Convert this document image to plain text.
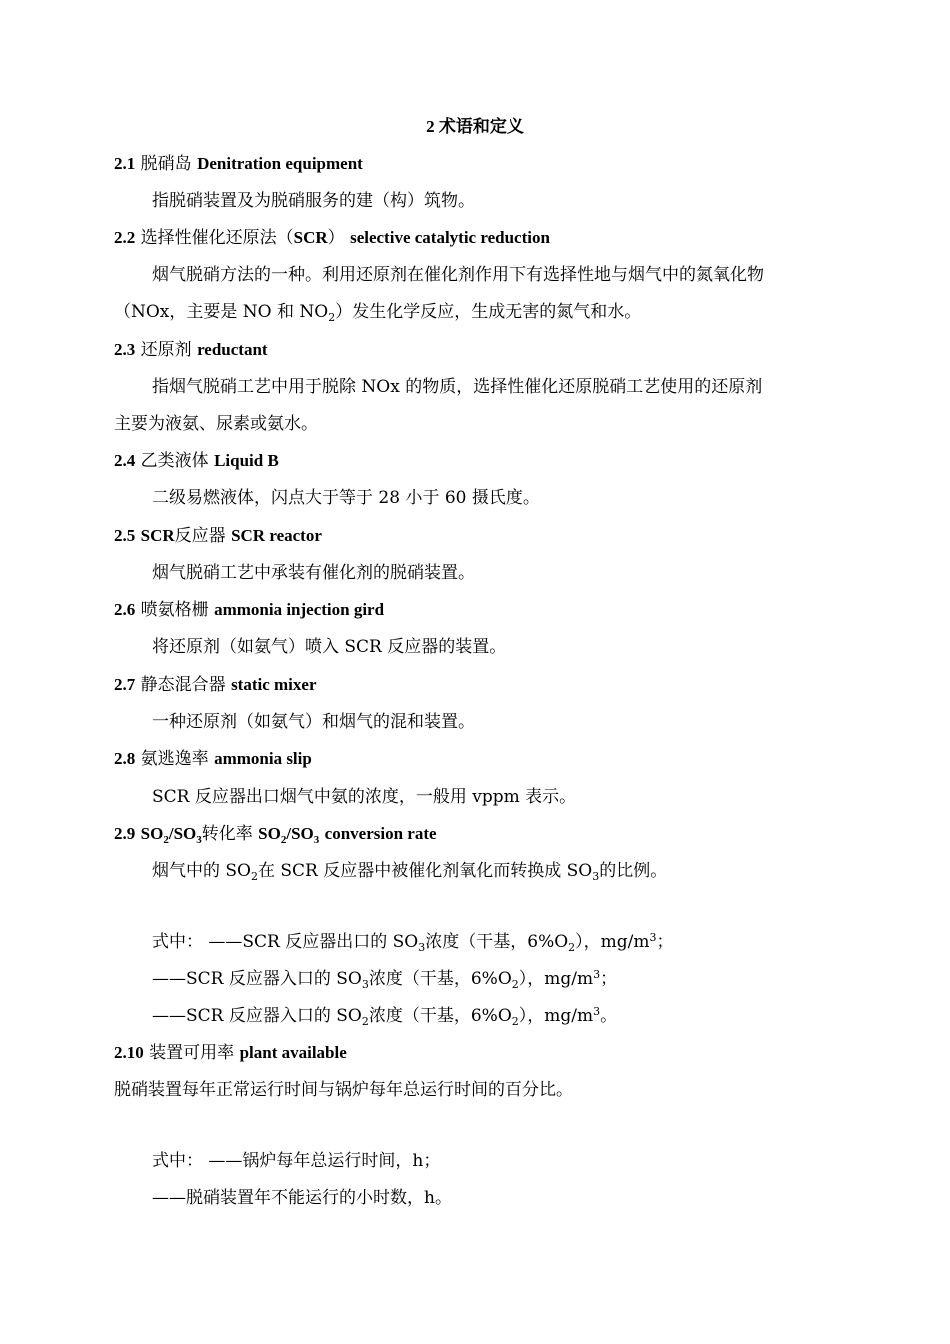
2 术语和定义
2.1 脱硝岛 Denitration equipment
指脱硝装置及为脱硝服务的建（构）筑物。
2.2 选择性催化还原法（SCR） selective catalytic reduction
烟气脱硝方法的一种。利用还原剂在催化剂作用下有选择性地与烟气中的氮氧化物
（NOx，主要是 NO 和 $NO_2$）发生化学反应，生成无害的氮气和水。
2.3 还原剂 reductant
指烟气脱硝工艺中用于脱除 NOx 的物质，选择性催化还原脱硝工艺使用的还原剂
主要为液氨、尿素或氨水。
2.4 乙类液体 Liquid B
二级易燃液体，闪点大于等于 28 小于 60 摄氏度。
2.5 SCR反应器 SCR reactor
烟气脱硝工艺中承装有催化剂的脱硝装置。
2.6 喷氨格栅 ammonia injection gird
将还原剂（如氨气）喷入 SCR 反应器的装置。
2.7 静态混合器 static mixer
一种还原剂（如氨气）和烟气的混和装置。
2.8 氨逃逸率 ammonia slip
SCR 反应器出口烟气中氨的浓度，一般用 vppm 表示。
2.9 $SO_2/SO_3$转化率 $SO_2/SO_3$ conversion rate
烟气中的 $SO_2$在 SCR 反应器中被催化剂氧化而转换成 $SO_3$的比例。
式中： ——SCR 反应器出口的 $SO_3$浓度（干基，$6\%O_2$），$mg/m^3$；
——SCR 反应器入口的 $SO_3$浓度（干基，$6\%O_2$），$mg/m^3$；
——SCR 反应器入口的 $SO_2$浓度（干基，$6\%O_2$），$mg/m^3$。
2.10 装置可用率 plant available
脱硝装置每年正常运行时间与锅炉每年总运行时间的百分比。
式中： ——锅炉每年总运行时间，h；
——脱硝装置年不能运行的小时数，h。
